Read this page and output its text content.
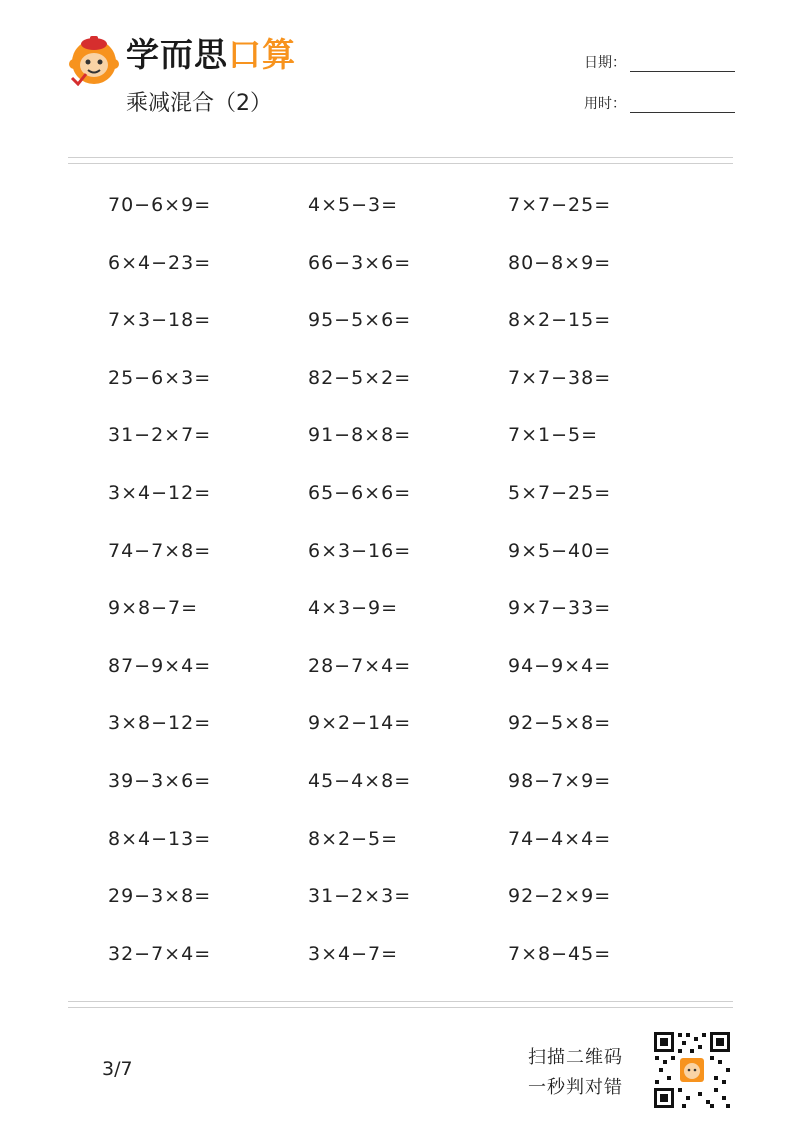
学而思口算
乘减混合（2）
日期：
用时：
70−6×9=	4×5−3=	7×7−25=
6×4−23=	66−3×6=	80−8×9=
7×3−18=	95−5×6=	8×2−15=
25−6×3=	82−5×2=	7×7−38=
31−2×7=	91−8×8=	7×1−5=
3×4−12=	65−6×6=	5×7−25=
74−7×8=	6×3−16=	9×5−40=
9×8−7=	4×3−9=	9×7−33=
87−9×4=	28−7×4=	94−9×4=
3×8−12=	9×2−14=	92−5×8=
39−3×6=	45−4×8=	98−7×9=
8×4−13=	8×2−5=	74−4×4=
29−3×8=	31−2×3=	92−2×9=
32−7×4=	3×4−7=	7×8−45=
3/7
扫描二维码
一秒判对错
